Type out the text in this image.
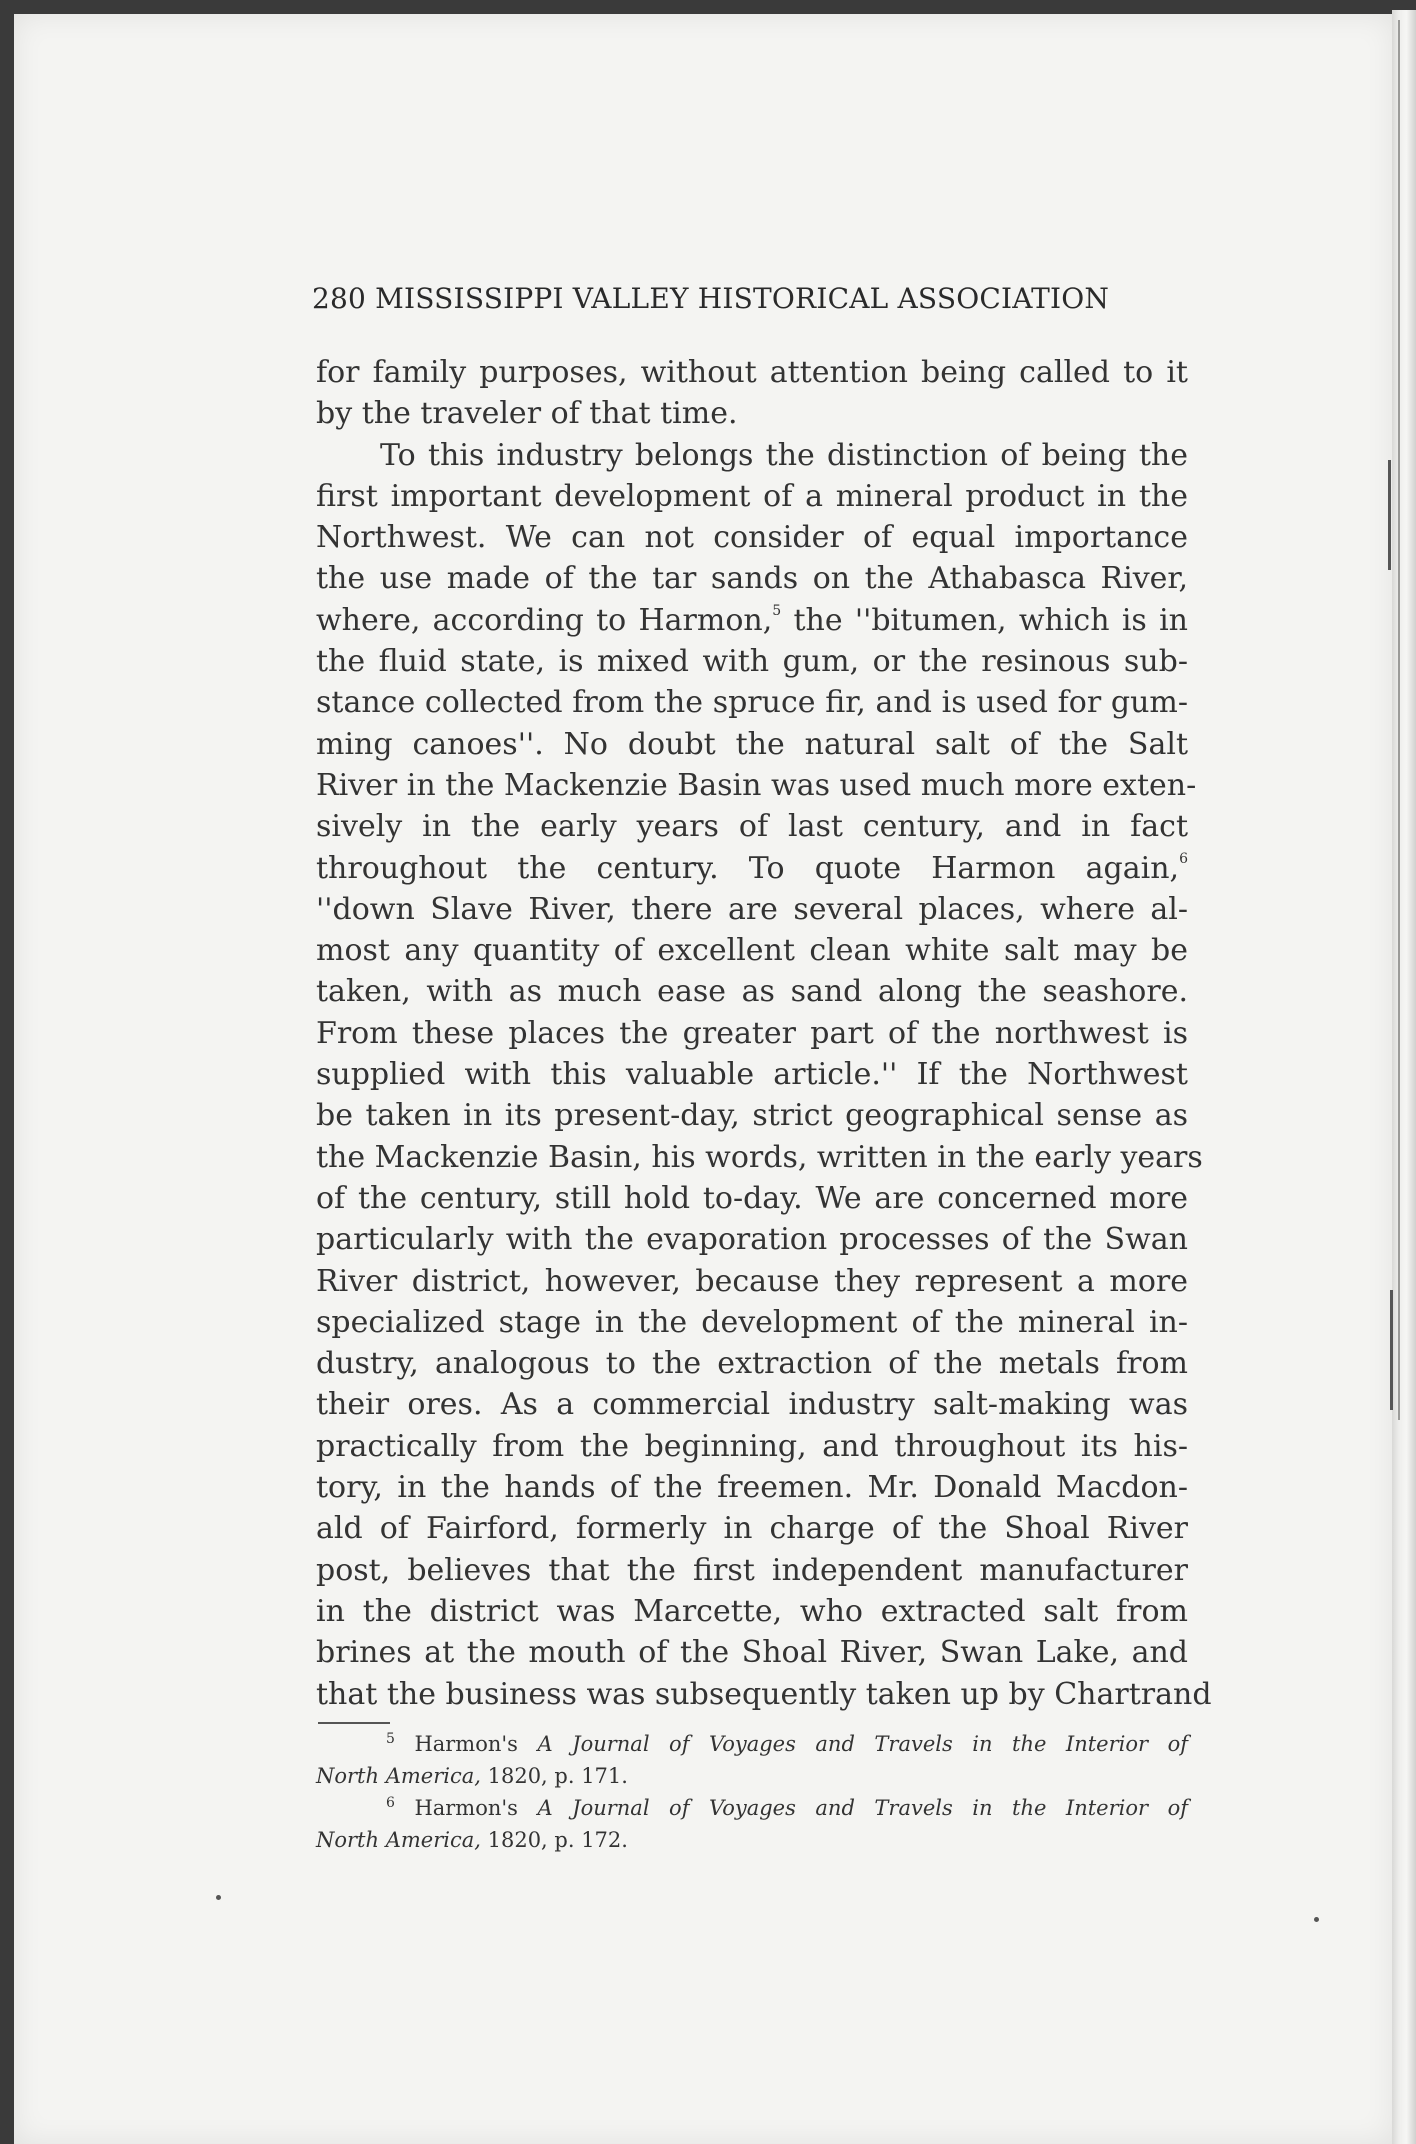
280 MISSISSIPPI VALLEY HISTORICAL ASSOCIATION
for family purposes, without attention being called to it
by the traveler of that time.
To this industry belongs the distinction of being the
first important development of a mineral product in the
Northwest. We can not consider of equal importance
the use made of the tar sands on the Athabasca River,
where, according to Harmon,$^5$ the ''bitumen, which is in
the fluid state, is mixed with gum, or the resinous sub-
stance collected from the spruce fir, and is used for gum-
ming canoes''. No doubt the natural salt of the Salt
River in the Mackenzie Basin was used much more exten-
sively in the early years of last century, and in fact
throughout the century. To quote Harmon again,$^6$
''down Slave River, there are several places, where al-
most any quantity of excellent clean white salt may be
taken, with as much ease as sand along the seashore.
From these places the greater part of the northwest is
supplied with this valuable article.'' If the Northwest
be taken in its present-day, strict geographical sense as
the Mackenzie Basin, his words, written in the early years
of the century, still hold to-day. We are concerned more
particularly with the evaporation processes of the Swan
River district, however, because they represent a more
specialized stage in the development of the mineral in-
dustry, analogous to the extraction of the metals from
their ores. As a commercial industry salt-making was
practically from the beginning, and throughout its his-
tory, in the hands of the freemen. Mr. Donald Macdon-
ald of Fairford, formerly in charge of the Shoal River
post, believes that the first independent manufacturer
in the district was Marcette, who extracted salt from
brines at the mouth of the Shoal River, Swan Lake, and
that the business was subsequently taken up by Chartrand
$^5$ Harmon's A Journal of Voyages and Travels in the Interior of
North America, 1820, p. 171.
$^6$ Harmon's A Journal of Voyages and Travels in the Interior of
North America, 1820, p. 172.
